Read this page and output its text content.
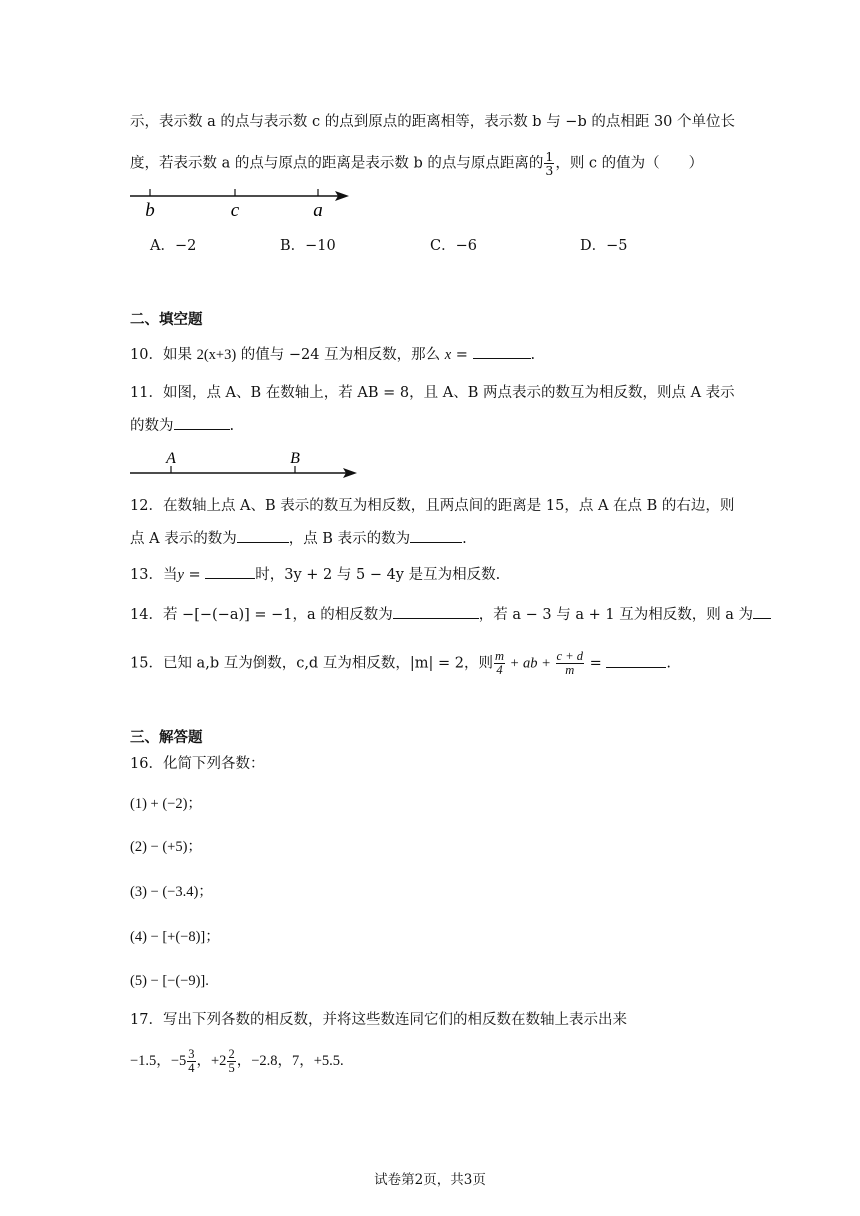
示，表示数 a 的点与表示数 c 的点到原点的距离相等，表示数 b 与 −b 的点相距 30 个单位长
度，若表示数 a 的点与原点的距离是表示数 b 的点与原点距离的 $\frac{1}{3}$ ，则 c 的值为（　　）
b	c	a
A．−2	B．−10	C．−6	D．−5
二、填空题
10．如果 2(x+3) 的值与 −24 互为相反数，那么 x =	.
11．如图，点 A、B 在数轴上，若 AB = 8，且 A、B 两点表示的数互为相反数，则点 A 表示
的数为	.
A	B
12．在数轴上点 A、B 表示的数互为相反数，且两点间的距离是 15，点 A 在点 B 的右边，则
点 A 表示的数为	，点 B 表示的数为	.
13．当y =	时，3y + 2 与 5 − 4y 是互为相反数.
14．若 −[−(−a)] = −1，a 的相反数为	，若 a − 3 与 a + 1 互为相反数，则 a 为
15．已知 a,b 互为倒数，c,d 互为相反数，|m| = 2，则 $\frac{m}{4}$ + ab + $\frac{c + d}{m}$ =	.
三、解答题
16．化简下列各数：
(1) + (−2)；
(2) − (+5)；
(3) − (−3.4)；
(4) − [+(−8)]；
(5) − [−(−9)].
17．写出下列各数的相反数，并将这些数连同它们的相反数在数轴上表示出来
−1.5，$-5 \frac{3}{4}$ ，$+2 \frac{2}{5}$ ，−2.8，7，+5.5.
试卷第2页，共3页
